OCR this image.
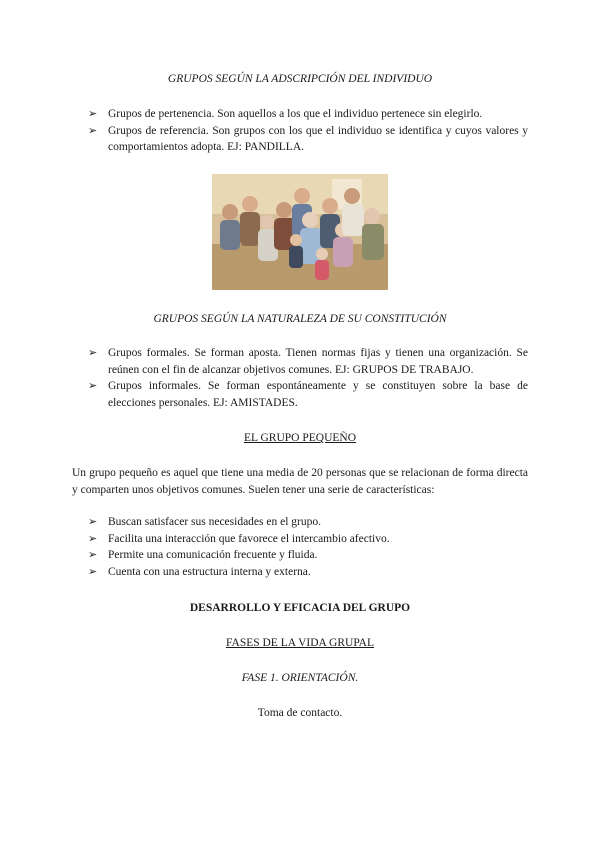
GRUPOS SEGÚN LA ADSCRIPCIÓN DEL INDIVIDUO
➢ Grupos de pertenencia. Son aquellos a los que el individuo pertenece sin elegirlo.
➢ Grupos de referencia. Son grupos con los que el individuo se identifica y cuyos valores y comportamientos adopta. EJ: PANDILLA.
GRUPOS SEGÚN LA NATURALEZA DE SU CONSTITUCIÓN
➢ Grupos formales. Se forman aposta. Tienen normas fijas y tienen una organización. Se reúnen con el fin de alcanzar objetivos comunes. EJ: GRUPOS DE TRABAJO.
➢ Grupos informales. Se forman espontáneamente y se constituyen sobre la base de elecciones personales. EJ: AMISTADES.
EL GRUPO PEQUEÑO
Un grupo pequeño es aquel que tiene una media de 20 personas que se relacionan de forma directa y comparten unos objetivos comunes. Suelen tener una serie de características:
➢ Buscan satisfacer sus necesidades en el grupo.
➢ Facilita una interacción que favorece el intercambio afectivo.
➢ Permite una comunicación frecuente y fluida.
➢ Cuenta con una estructura interna y externa.
DESARROLLO Y EFICACIA DEL GRUPO
FASES DE LA VIDA GRUPAL
FASE 1. ORIENTACIÓN.
Toma de contacto.
